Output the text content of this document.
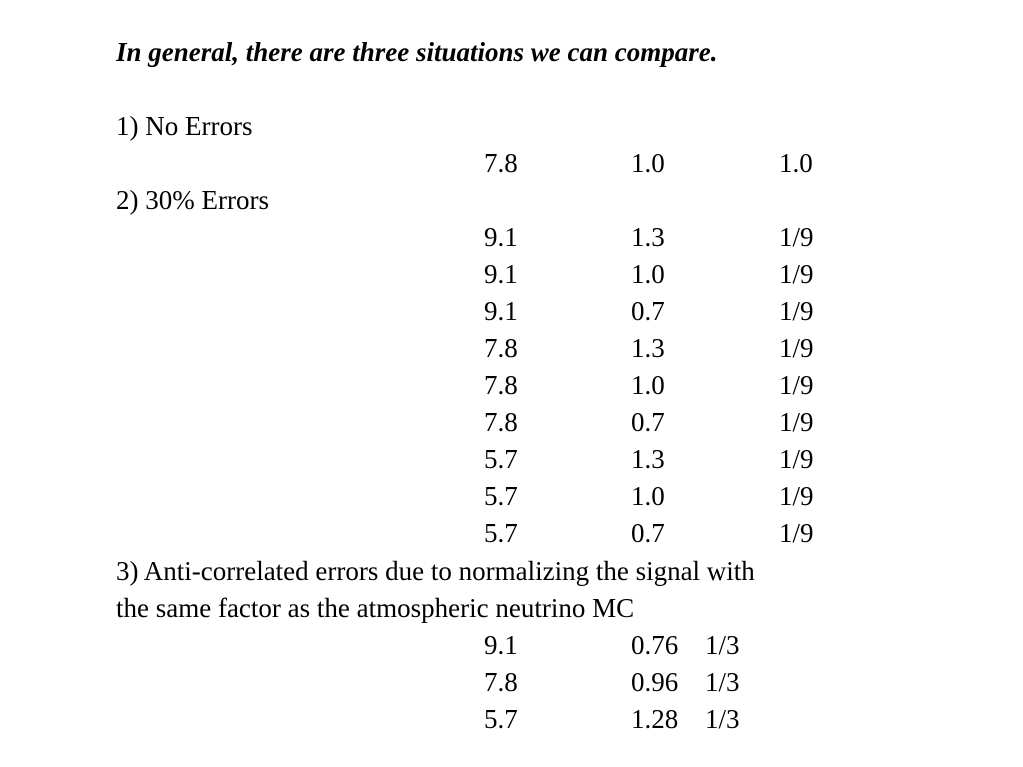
In general, there are three situations we can compare.
1) No Errors
7.8	1.0	1.0
2) 30% Errors
9.1	1.3	1/9
9.1	1.0	1/9
9.1	0.7	1/9
7.8	1.3	1/9
7.8	1.0	1/9
7.8	0.7	1/9
5.7	1.3	1/9
5.7	1.0	1/9
5.7	0.7	1/9
3) Anti-correlated errors due to normalizing the signal with
the same factor as the atmospheric neutrino MC
9.1	0.76 1/3
7.8	0.96 1/3
5.7	1.28 1/3
